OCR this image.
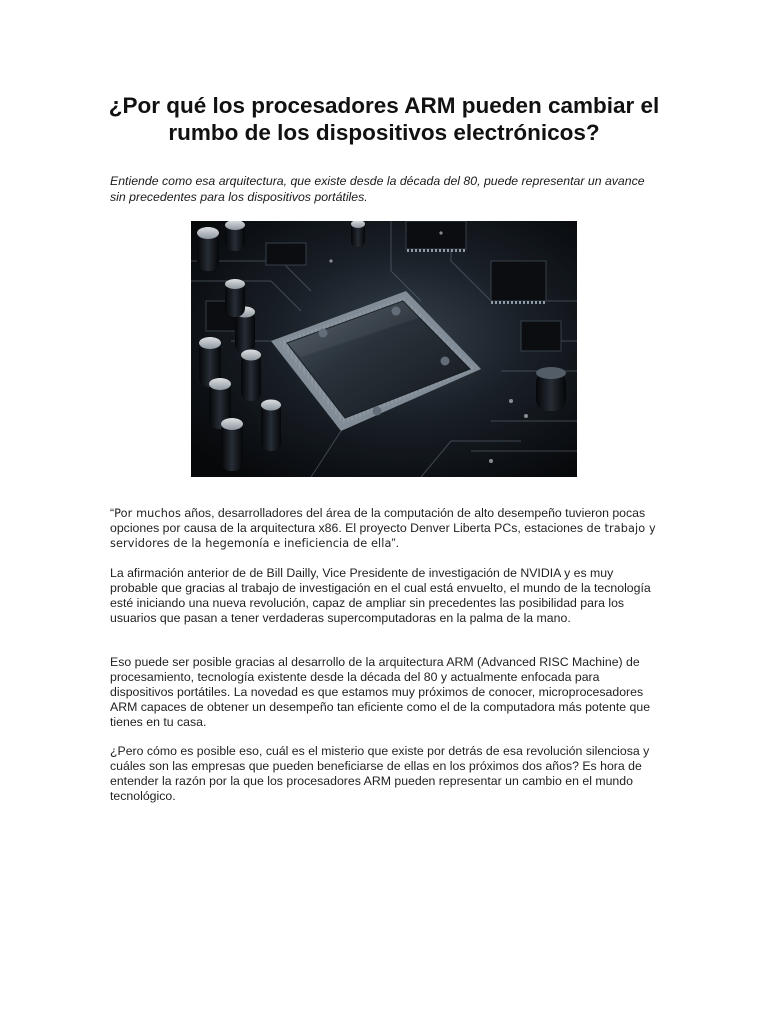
¿Por qué los procesadores ARM pueden cambiar el rumbo de los dispositivos electrónicos?

Entiende como esa arquitectura, que existe desde la década del 80, puede representar un avance sin precedentes para los dispositivos portátiles.

“Por muchos años, desarrolladores del área de la computación de alto desempeño tuvieron pocas opciones por causa de la arquitectura x86. El proyecto Denver Liberta PCs, estaciones de trabajo y servidores de la hegemonía e ineficiencia de ella”.

La afirmación anterior de de Bill Dailly, Vice Presidente de investigación de NVIDIA y es muy probable que gracias al trabajo de investigación en el cual está envuelto, el mundo de la tecnología esté iniciando una nueva revolución, capaz de ampliar sin precedentes las posibilidad para los usuarios que pasan a tener verdaderas supercomputadoras en la palma de la mano.

Eso puede ser posible gracias al desarrollo de la arquitectura ARM (Advanced RISC Machine) de procesamiento, tecnología existente desde la década del 80 y actualmente enfocada para dispositivos portátiles. La novedad es que estamos muy próximos de conocer, microprocesadores ARM capaces de obtener un desempeño tan eficiente como el de la computadora más potente que tienes en tu casa.

¿Pero cómo es posible eso, cuál es el misterio que existe por detrás de esa revolución silenciosa y cuáles son las empresas que pueden beneficiarse de ellas en los próximos dos años? Es hora de entender la razón por la que los procesadores ARM pueden representar un cambio en el mundo tecnológico.
